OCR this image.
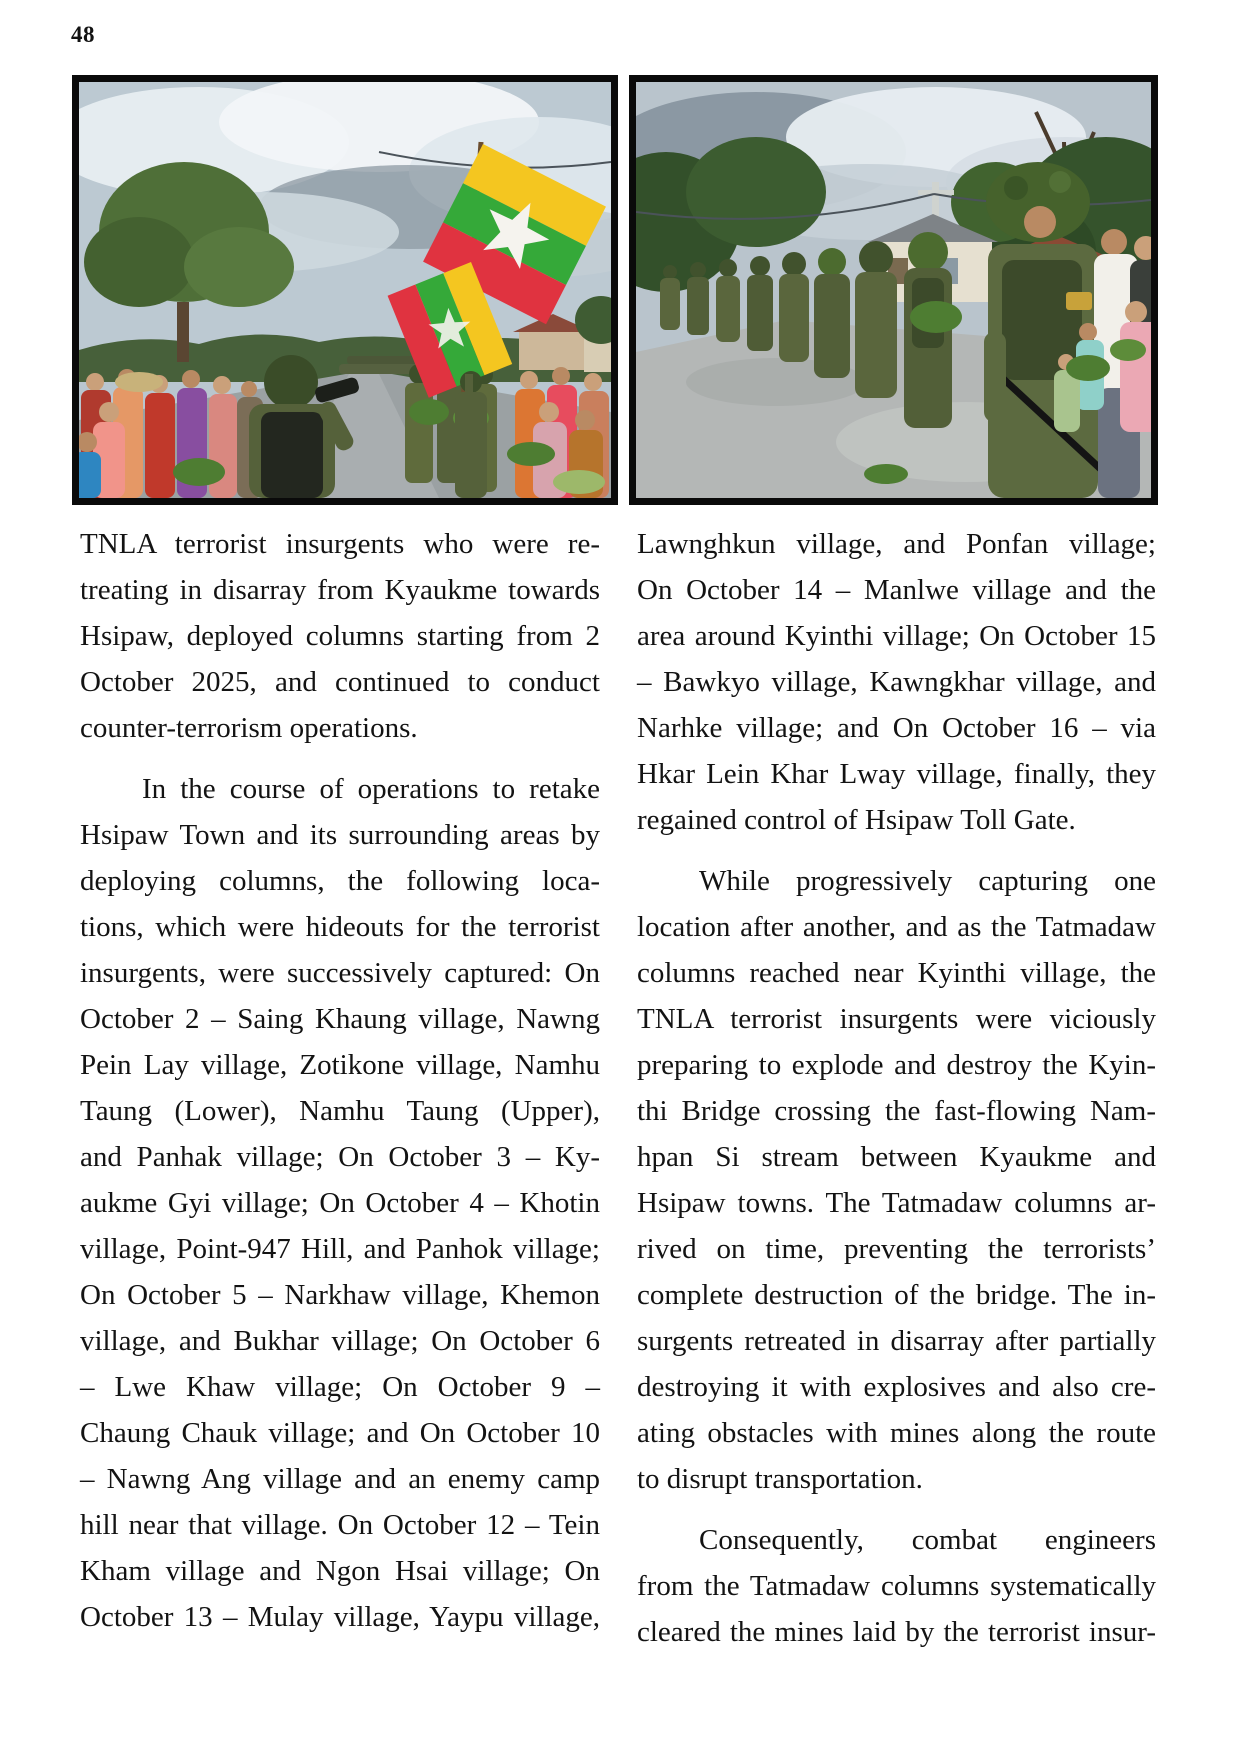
48
TNLA terrorist insurgents who were re-
treating in disarray from Kyaukme towards
Hsipaw, deployed columns starting from 2
October 2025, and continued to conduct
counter-terrorism operations.
In the course of operations to retake
Hsipaw Town and its surrounding areas by
deploying columns, the following loca-
tions, which were hideouts for the terrorist
insurgents, were successively captured: On
October 2 – Saing Khaung village, Nawng
Pein Lay village, Zotikone village, Namhu
Taung (Lower), Namhu Taung (Upper),
and Panhak village; On October 3 – Ky-
aukme Gyi village; On October 4 – Khotin
village, Point-947 Hill, and Panhok village;
On October 5 – Narkhaw village, Khemon
village, and Bukhar village; On October 6
– Lwe Khaw village; On October 9 –
Chaung Chauk village; and On October 10
– Nawng Ang village and an enemy camp
hill near that village. On October 12 – Tein
Kham village and Ngon Hsai village; On
October 13 – Mulay village, Yaypu village,
Lawnghkun village, and Ponfan village;
On October 14 – Manlwe village and the
area around Kyinthi village; On October 15
– Bawkyo village, Kawngkhar village, and
Narhke village; and On October 16 – via
Hkar Lein Khar Lway village, finally, they
regained control of Hsipaw Toll Gate.
While progressively capturing one
location after another, and as the Tatmadaw
columns reached near Kyinthi village, the
TNLA terrorist insurgents were viciously
preparing to explode and destroy the Kyin-
thi Bridge crossing the fast-flowing Nam-
hpan Si stream between Kyaukme and
Hsipaw towns. The Tatmadaw columns ar-
rived on time, preventing the terrorists’
complete destruction of the bridge. The in-
surgents retreated in disarray after partially
destroying it with explosives and also cre-
ating obstacles with mines along the route
to disrupt transportation.
Consequently, combat engineers
from the Tatmadaw columns systematically
cleared the mines laid by the terrorist insur-
